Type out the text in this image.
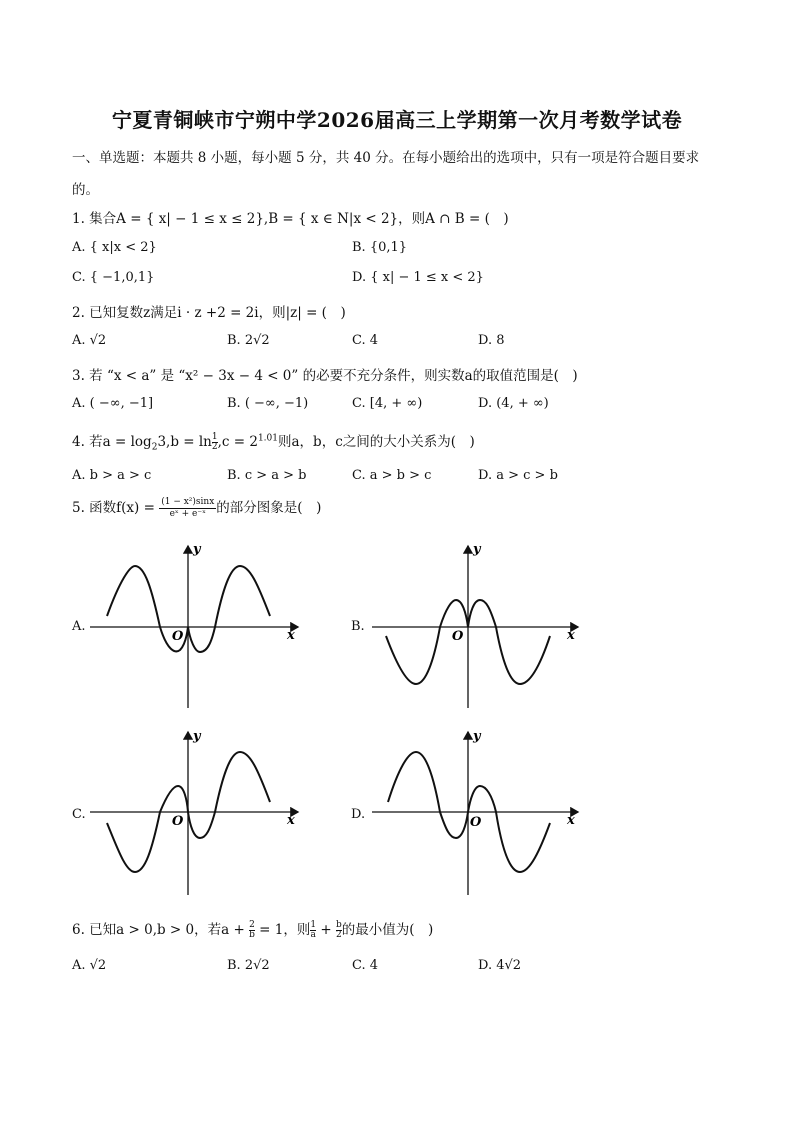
宁夏青铜峡市宁朔中学2026届高三上学期第一次月考数学试卷
一、单选题：本题共 8 小题，每小题 5 分，共 40 分。在每小题给出的选项中，只有一项是符合题目要求
的。
1. 集合A = { x| − 1 ≤ x ≤ 2},B = { x ∈ N|x < 2}，则A ∩ B = (　)
A. { x|x < 2}	B. {0,1}
C. { −1,0,1}	D. { x| − 1 ≤ x < 2}
2. 已知复数z满足i · z +2 = 2i，则|z| = (　)
A. √2	B. 2√2	C. 4	D. 8
3. 若 “x < a” 是 “x² − 3x − 4 < 0” 的必要不充分条件，则实数a的取值范围是(　)
A. ( −∞, −1]	B. ( −∞, −1)	C. [4, + ∞)	D. (4, + ∞)
4. 若$a = \log_23,b = \ln \frac{1}{2} ,c = 2^{1.01}$则a，b，c之间的大小关系为(　)
A. b > a > c	B. c > a > b	C. a > b > c	D. a > c > b
5. 函数$f(x) = \frac{\text{(1 − x²)sinx}}{\text{eˣ + e⁻ˣ}}$ 的部分图象是(　)
A.	B.
C.	D.
O	x
y
O	x
y
O	x
y
O	x
y
6. 已知a > 0,b > 0，若$a + \frac{2}{b} = 1$，则 $\frac{1}{a} + \frac{b}{2}$ 的最小值为(　)
A. √2	B. 2√2	C. 4	D. 4√2
